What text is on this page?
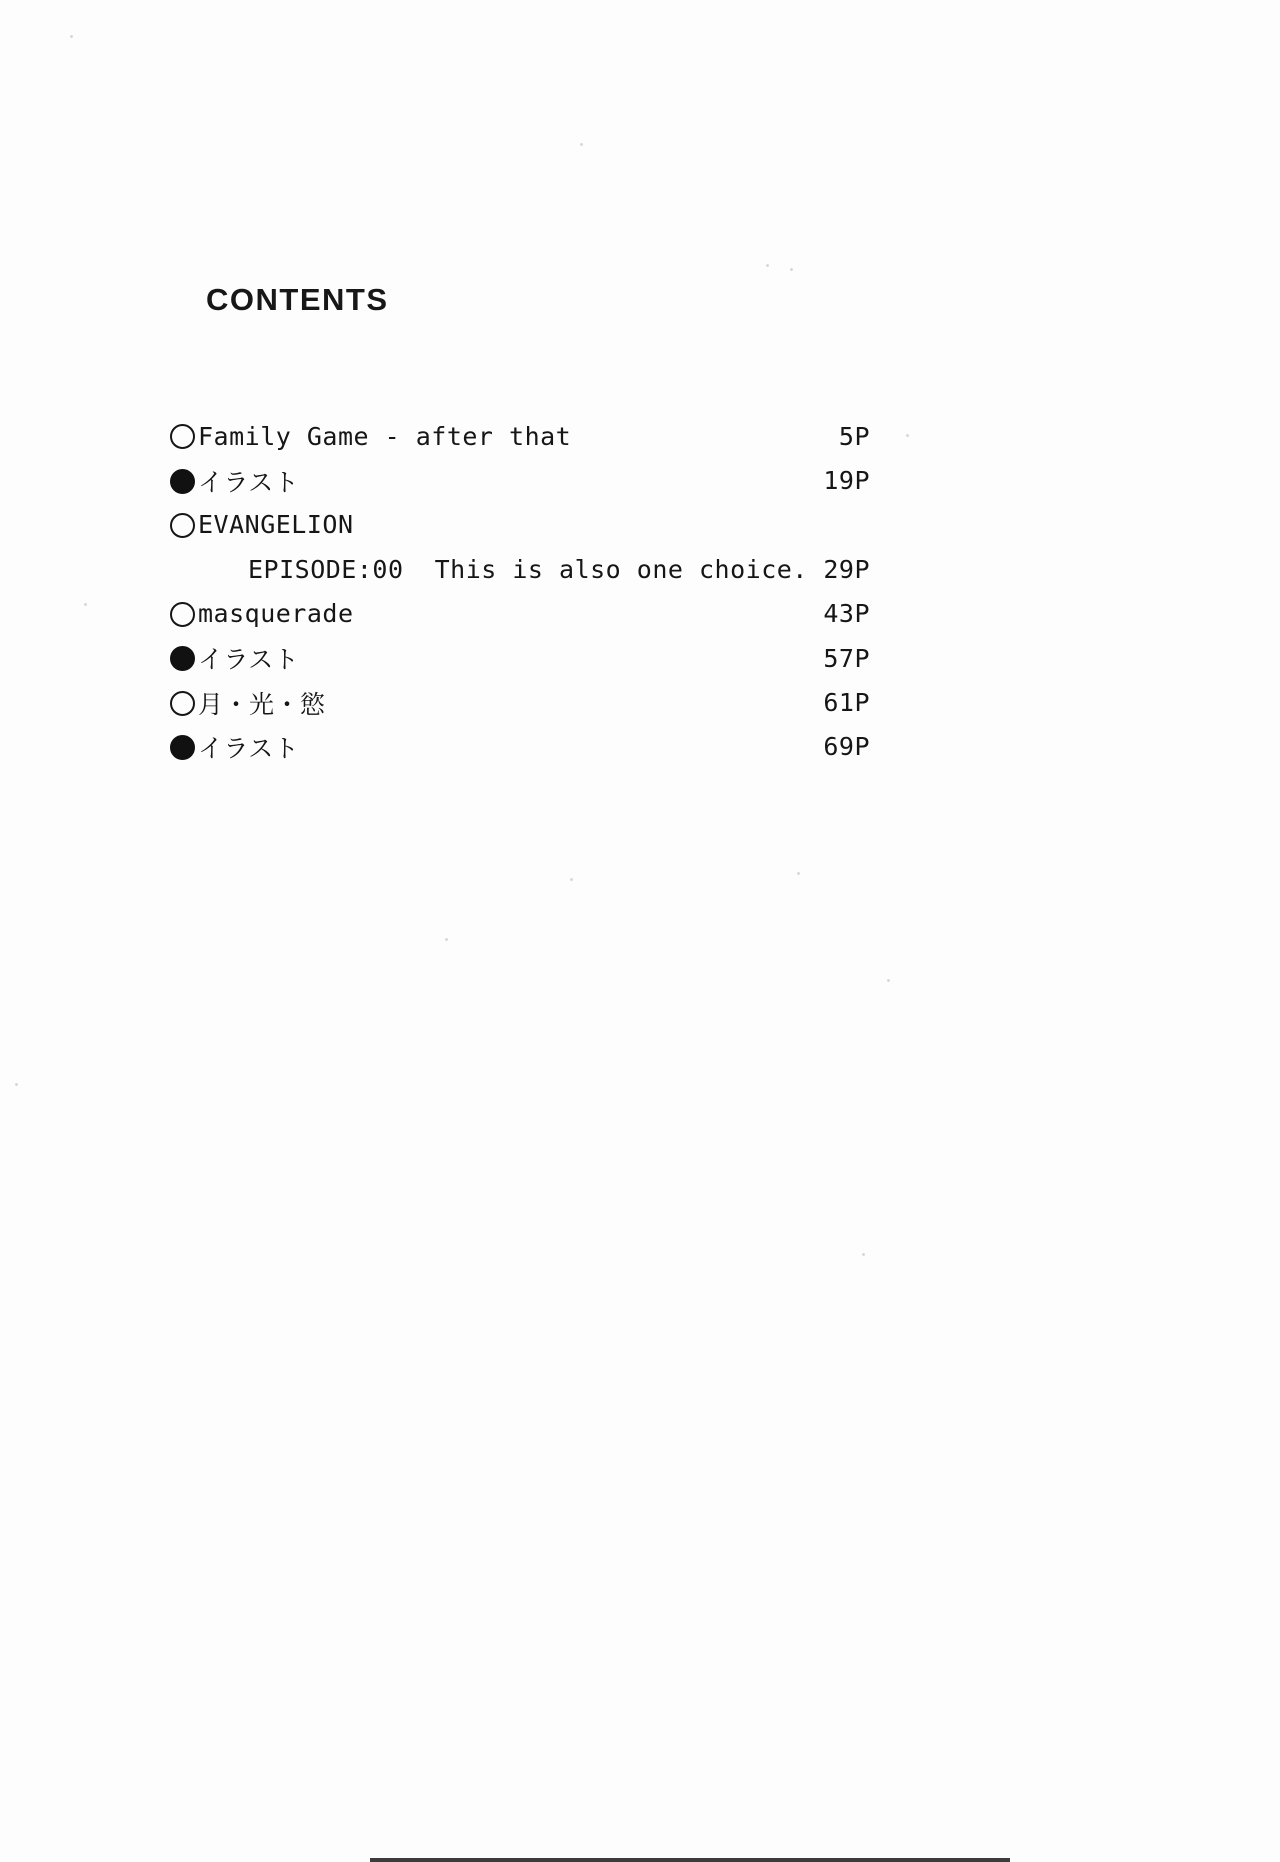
CONTENTS
Family Game - after that	5P
イラスト	19P
EVANGELION
EPISODE:00  This is also one choice. 29P
masquerade	43P
イラスト	57P
月・光・慾	61P
イラスト	69P
